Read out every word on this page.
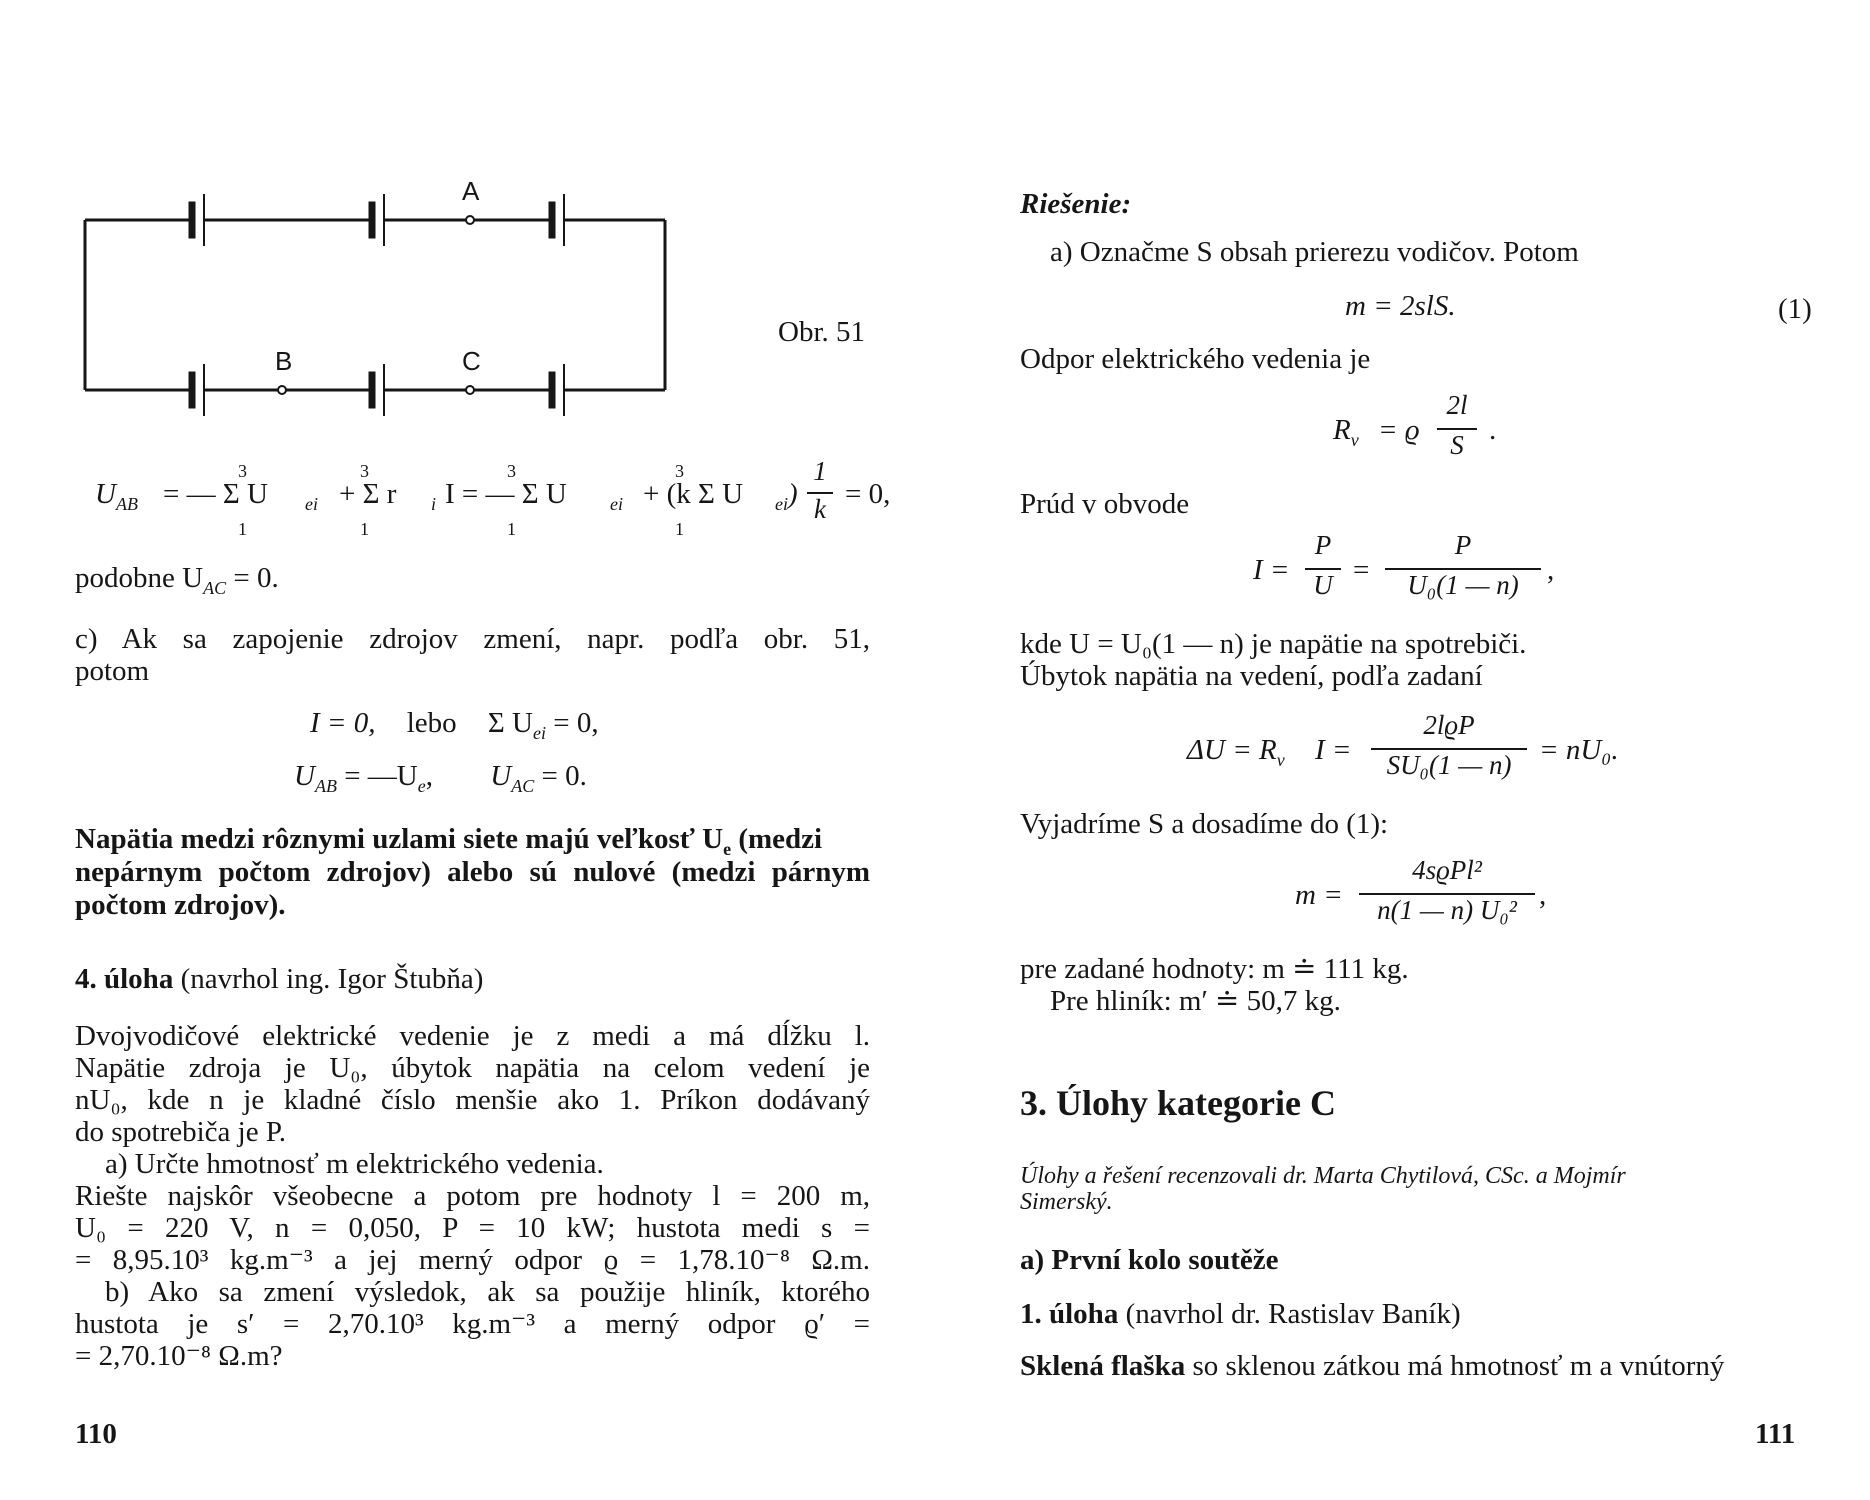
A
B	C
Obr. 51
$U_{AB}$ = — Σ U $_{ei}$ + Σ r $_i$ I = — Σ U $_{ei}$ + (k Σ U $_{ei}$)
3
1
3
1
3
1
3
1
1
k = 0,
podobne $U_{AC} = 0$.
c) Ak sa zapojenie zdrojov zmení, napr. podľa obr. 51,
potom
I = 0, lebo Σ $U_{ei} = 0$,
$U_{AB}$ = $—U_e$, $U_{AC} = 0$.
Napätia medzi rôznymi uzlami siete majú veľkosť $U_e$ (medzi
nepárnym počtom zdrojov) alebo sú nulové (medzi párnym
počtom zdrojov).
4. úloha (navrhol ing. Igor Štubňa)
Dvojvodičové elektrické vedenie je z medi a má dĺžku l.
Napätie zdroja je U₀, úbytok napätia na celom vedení je
nU₀, kde n je kladné číslo menšie ako 1. Príkon dodávaný
do spotrebiča je P.
a) Určte hmotnosť m elektrického vedenia.
Riešte najskôr všeobecne a potom pre hodnoty l = 200 m,
U₀ = 220 V, n = 0,050, P = 10 kW; hustota medi s =
= 8,95.10³ kg.m⁻³ a jej merný odpor ϱ = 1,78.10⁻⁸ Ω.m.
b) Ako sa zmení výsledok, ak sa použije hliník, ktorého
hustota je s′ = 2,70.10³ kg.m⁻³ a merný odpor ϱ′ =
= 2,70.10⁻⁸ Ω.m?
110
Riešenie:
a) Označme S obsah prierezu vodičov. Potom
m = 2slS.	(1)
Odpor elektrického vedenia je
$R_v = ϱ$
2l
S .
Prúd v obvode
I =
P
U =
P
U₀(1 — n) ,
kde U = U₀(1 — n) je napätie na spotrebiči.
Úbytok napätia na vedení, podľa zadaní
$\Delta U = R_v$ I =
2lϱP
SU₀(1 — n) = nU₀.
Vyjadríme S a dosadíme do (1):
m =
4sϱPl²
n(1 — n) U₀² ,
pre zadané hodnoty: m ≐ 111 kg.
Pre hliník: m′ ≐ 50,7 kg.
3. Úlohy kategorie C
Úlohy a řešení recenzovali dr. Marta Chytilová, CSc. a Mojmír
Simerský.
a) První kolo soutěže
1. úloha (navrhol dr. Rastislav Baník)
Sklená flaška so sklenou zátkou má hmotnosť m a vnútorný
111
